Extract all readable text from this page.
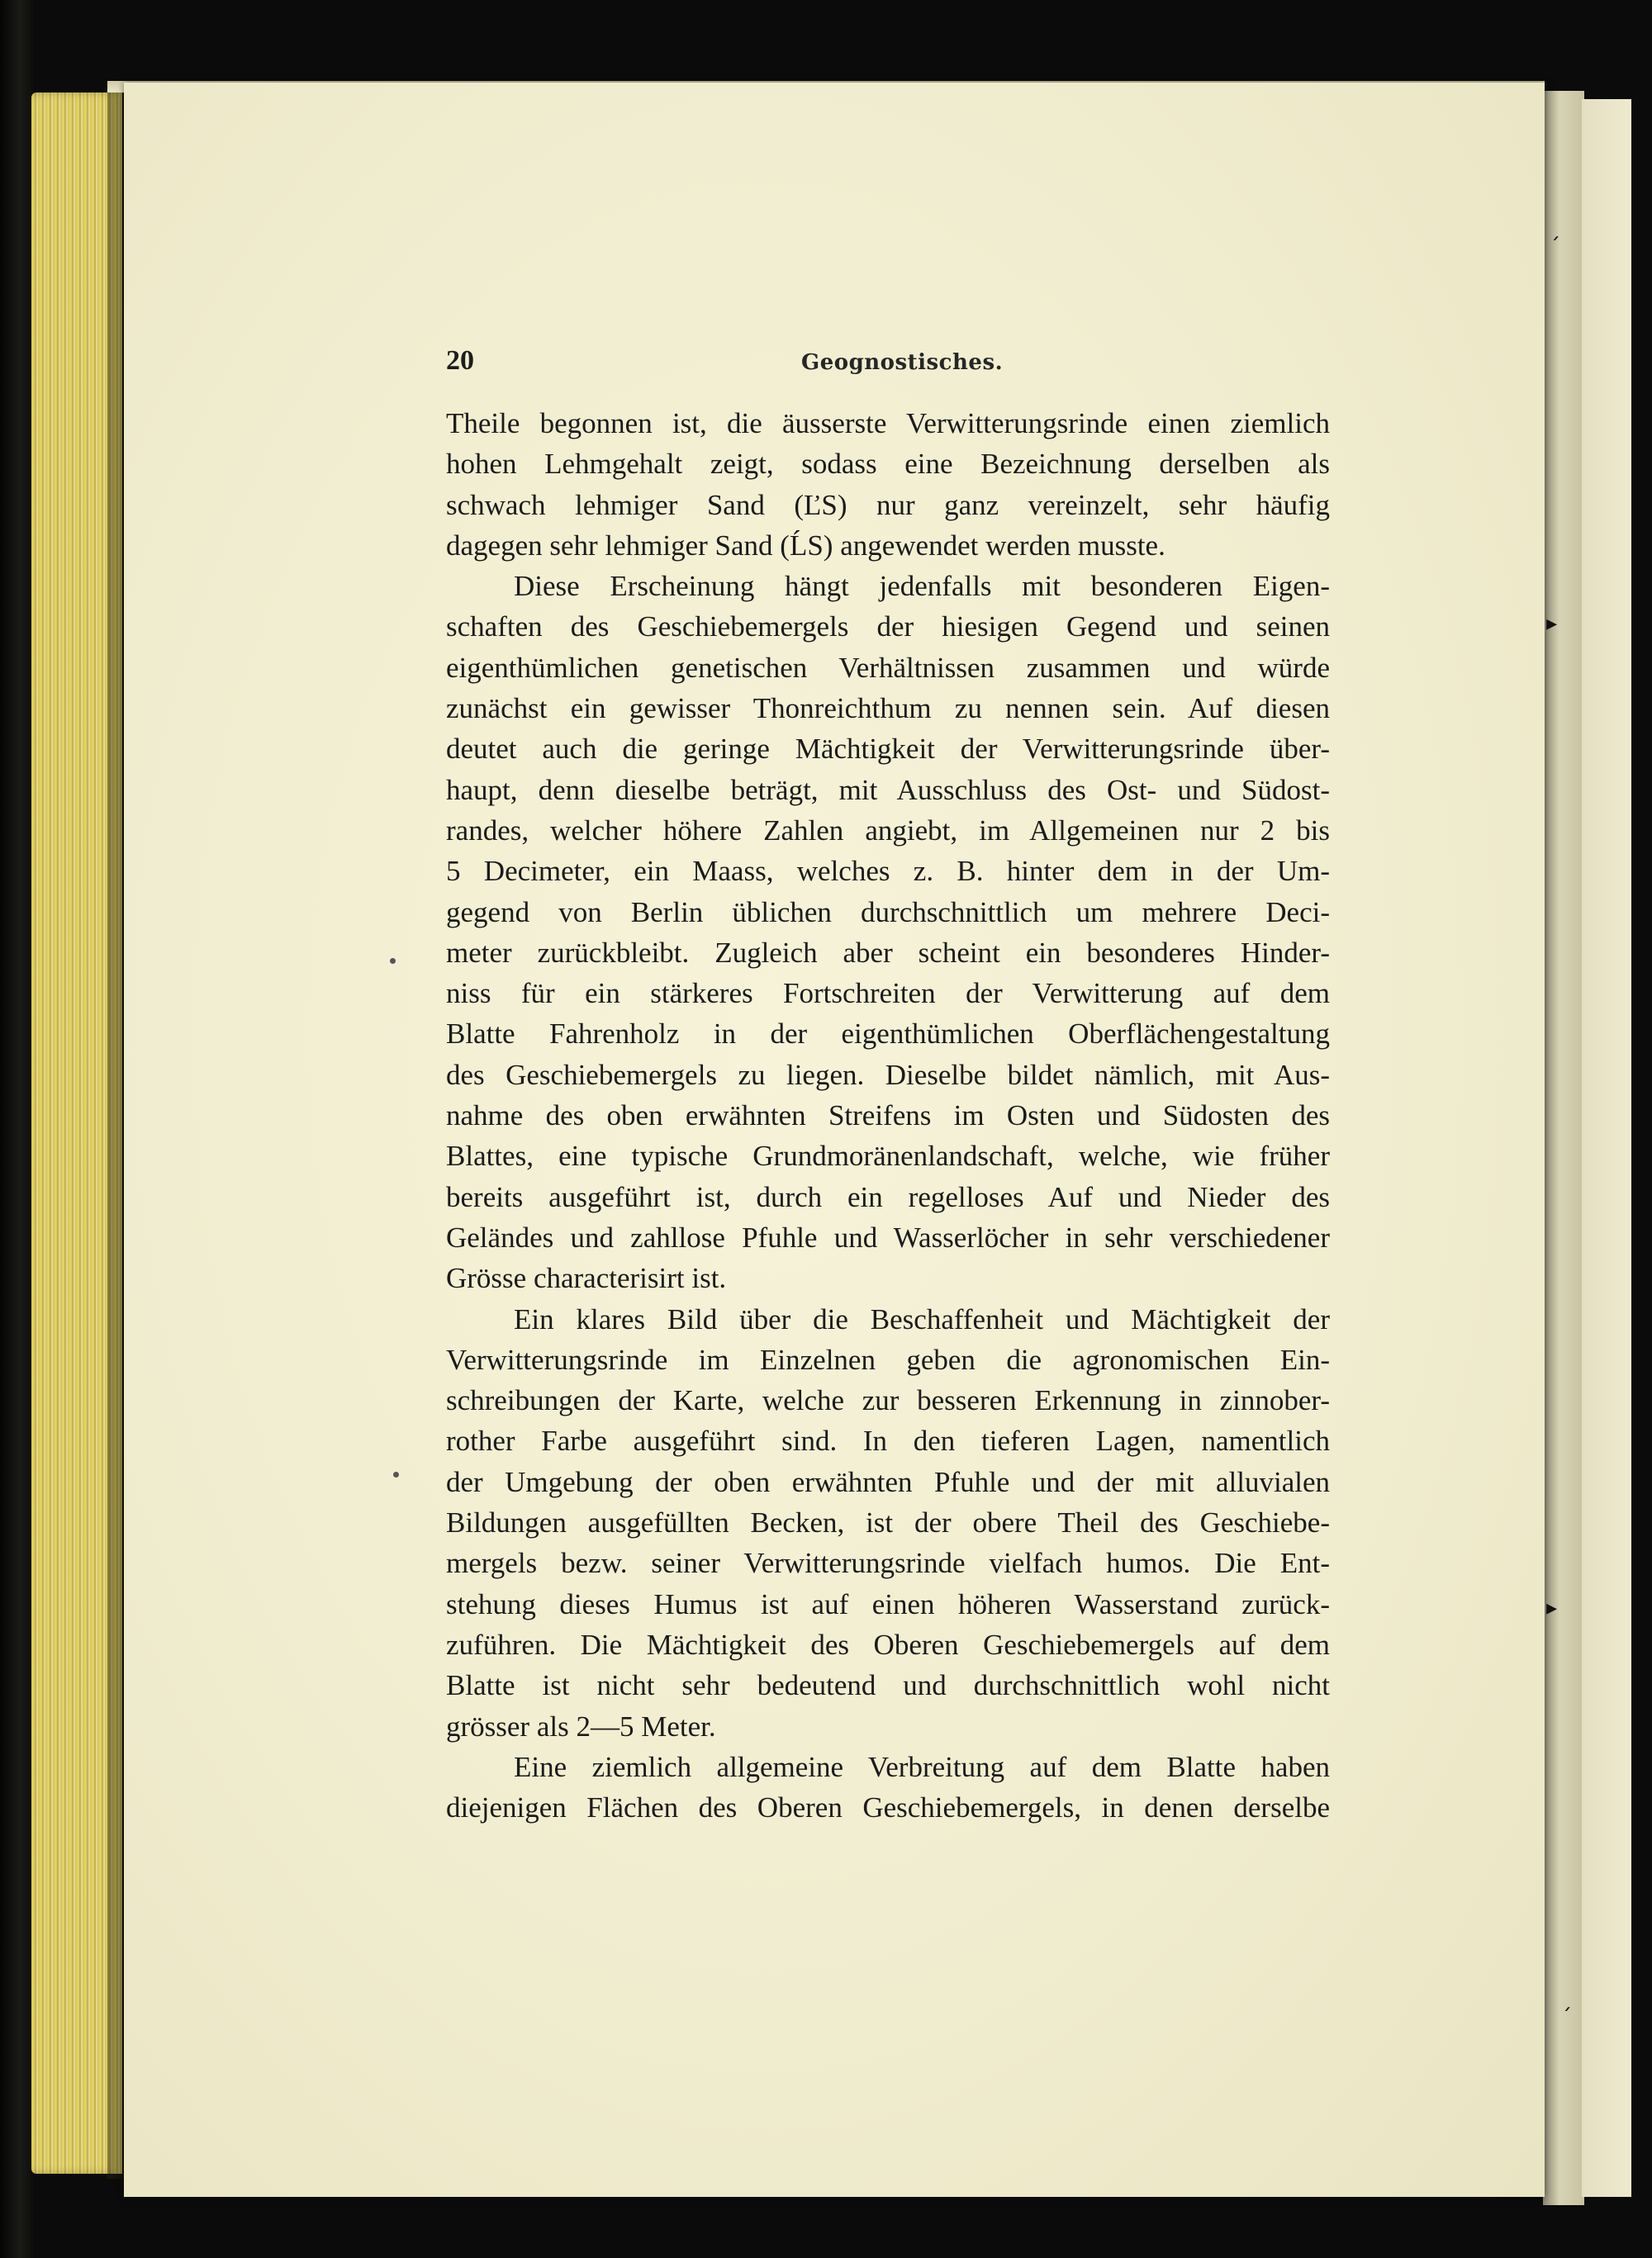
▸
▸
ˏ
ˏ
20	Geognostisches.
Theile begonnen ist, die äusserste Verwitterungsrinde einen ziemlich
hohen Lehmgehalt zeigt, sodass eine Bezeichnung derselben als
schwach lehmiger Sand (ĽS) nur ganz vereinzelt, sehr häufig
dagegen sehr lehmiger Sand (ĹS) angewendet werden musste.
Diese Erscheinung hängt jedenfalls mit besonderen Eigen-
schaften des Geschiebemergels der hiesigen Gegend und seinen
eigenthümlichen genetischen Verhältnissen zusammen und würde
zunächst ein gewisser Thonreichthum zu nennen sein. Auf diesen
deutet auch die geringe Mächtigkeit der Verwitterungsrinde über-
haupt, denn dieselbe beträgt, mit Ausschluss des Ost- und Südost-
randes, welcher höhere Zahlen angiebt, im Allgemeinen nur 2 bis
5 Decimeter, ein Maass, welches z. B. hinter dem in der Um-
gegend von Berlin üblichen durchschnittlich um mehrere Deci-
meter zurückbleibt. Zugleich aber scheint ein besonderes Hinder-
niss für ein stärkeres Fortschreiten der Verwitterung auf dem
Blatte Fahrenholz in der eigenthümlichen Oberflächengestaltung
des Geschiebemergels zu liegen. Dieselbe bildet nämlich, mit Aus-
nahme des oben erwähnten Streifens im Osten und Südosten des
Blattes, eine typische Grundmoränenlandschaft, welche, wie früher
bereits ausgeführt ist, durch ein regelloses Auf und Nieder des
Geländes und zahllose Pfuhle und Wasserlöcher in sehr verschiedener
Grösse characterisirt ist.
Ein klares Bild über die Beschaffenheit und Mächtigkeit der
Verwitterungsrinde im Einzelnen geben die agronomischen Ein-
schreibungen der Karte, welche zur besseren Erkennung in zinnober-
rother Farbe ausgeführt sind. In den tieferen Lagen, namentlich
der Umgebung der oben erwähnten Pfuhle und der mit alluvialen
Bildungen ausgefüllten Becken, ist der obere Theil des Geschiebe-
mergels bezw. seiner Verwitterungsrinde vielfach humos. Die Ent-
stehung dieses Humus ist auf einen höheren Wasserstand zurück-
zuführen. Die Mächtigkeit des Oberen Geschiebemergels auf dem
Blatte ist nicht sehr bedeutend und durchschnittlich wohl nicht
grösser als 2—5 Meter.
Eine ziemlich allgemeine Verbreitung auf dem Blatte haben
diejenigen Flächen des Oberen Geschiebemergels, in denen derselbe
